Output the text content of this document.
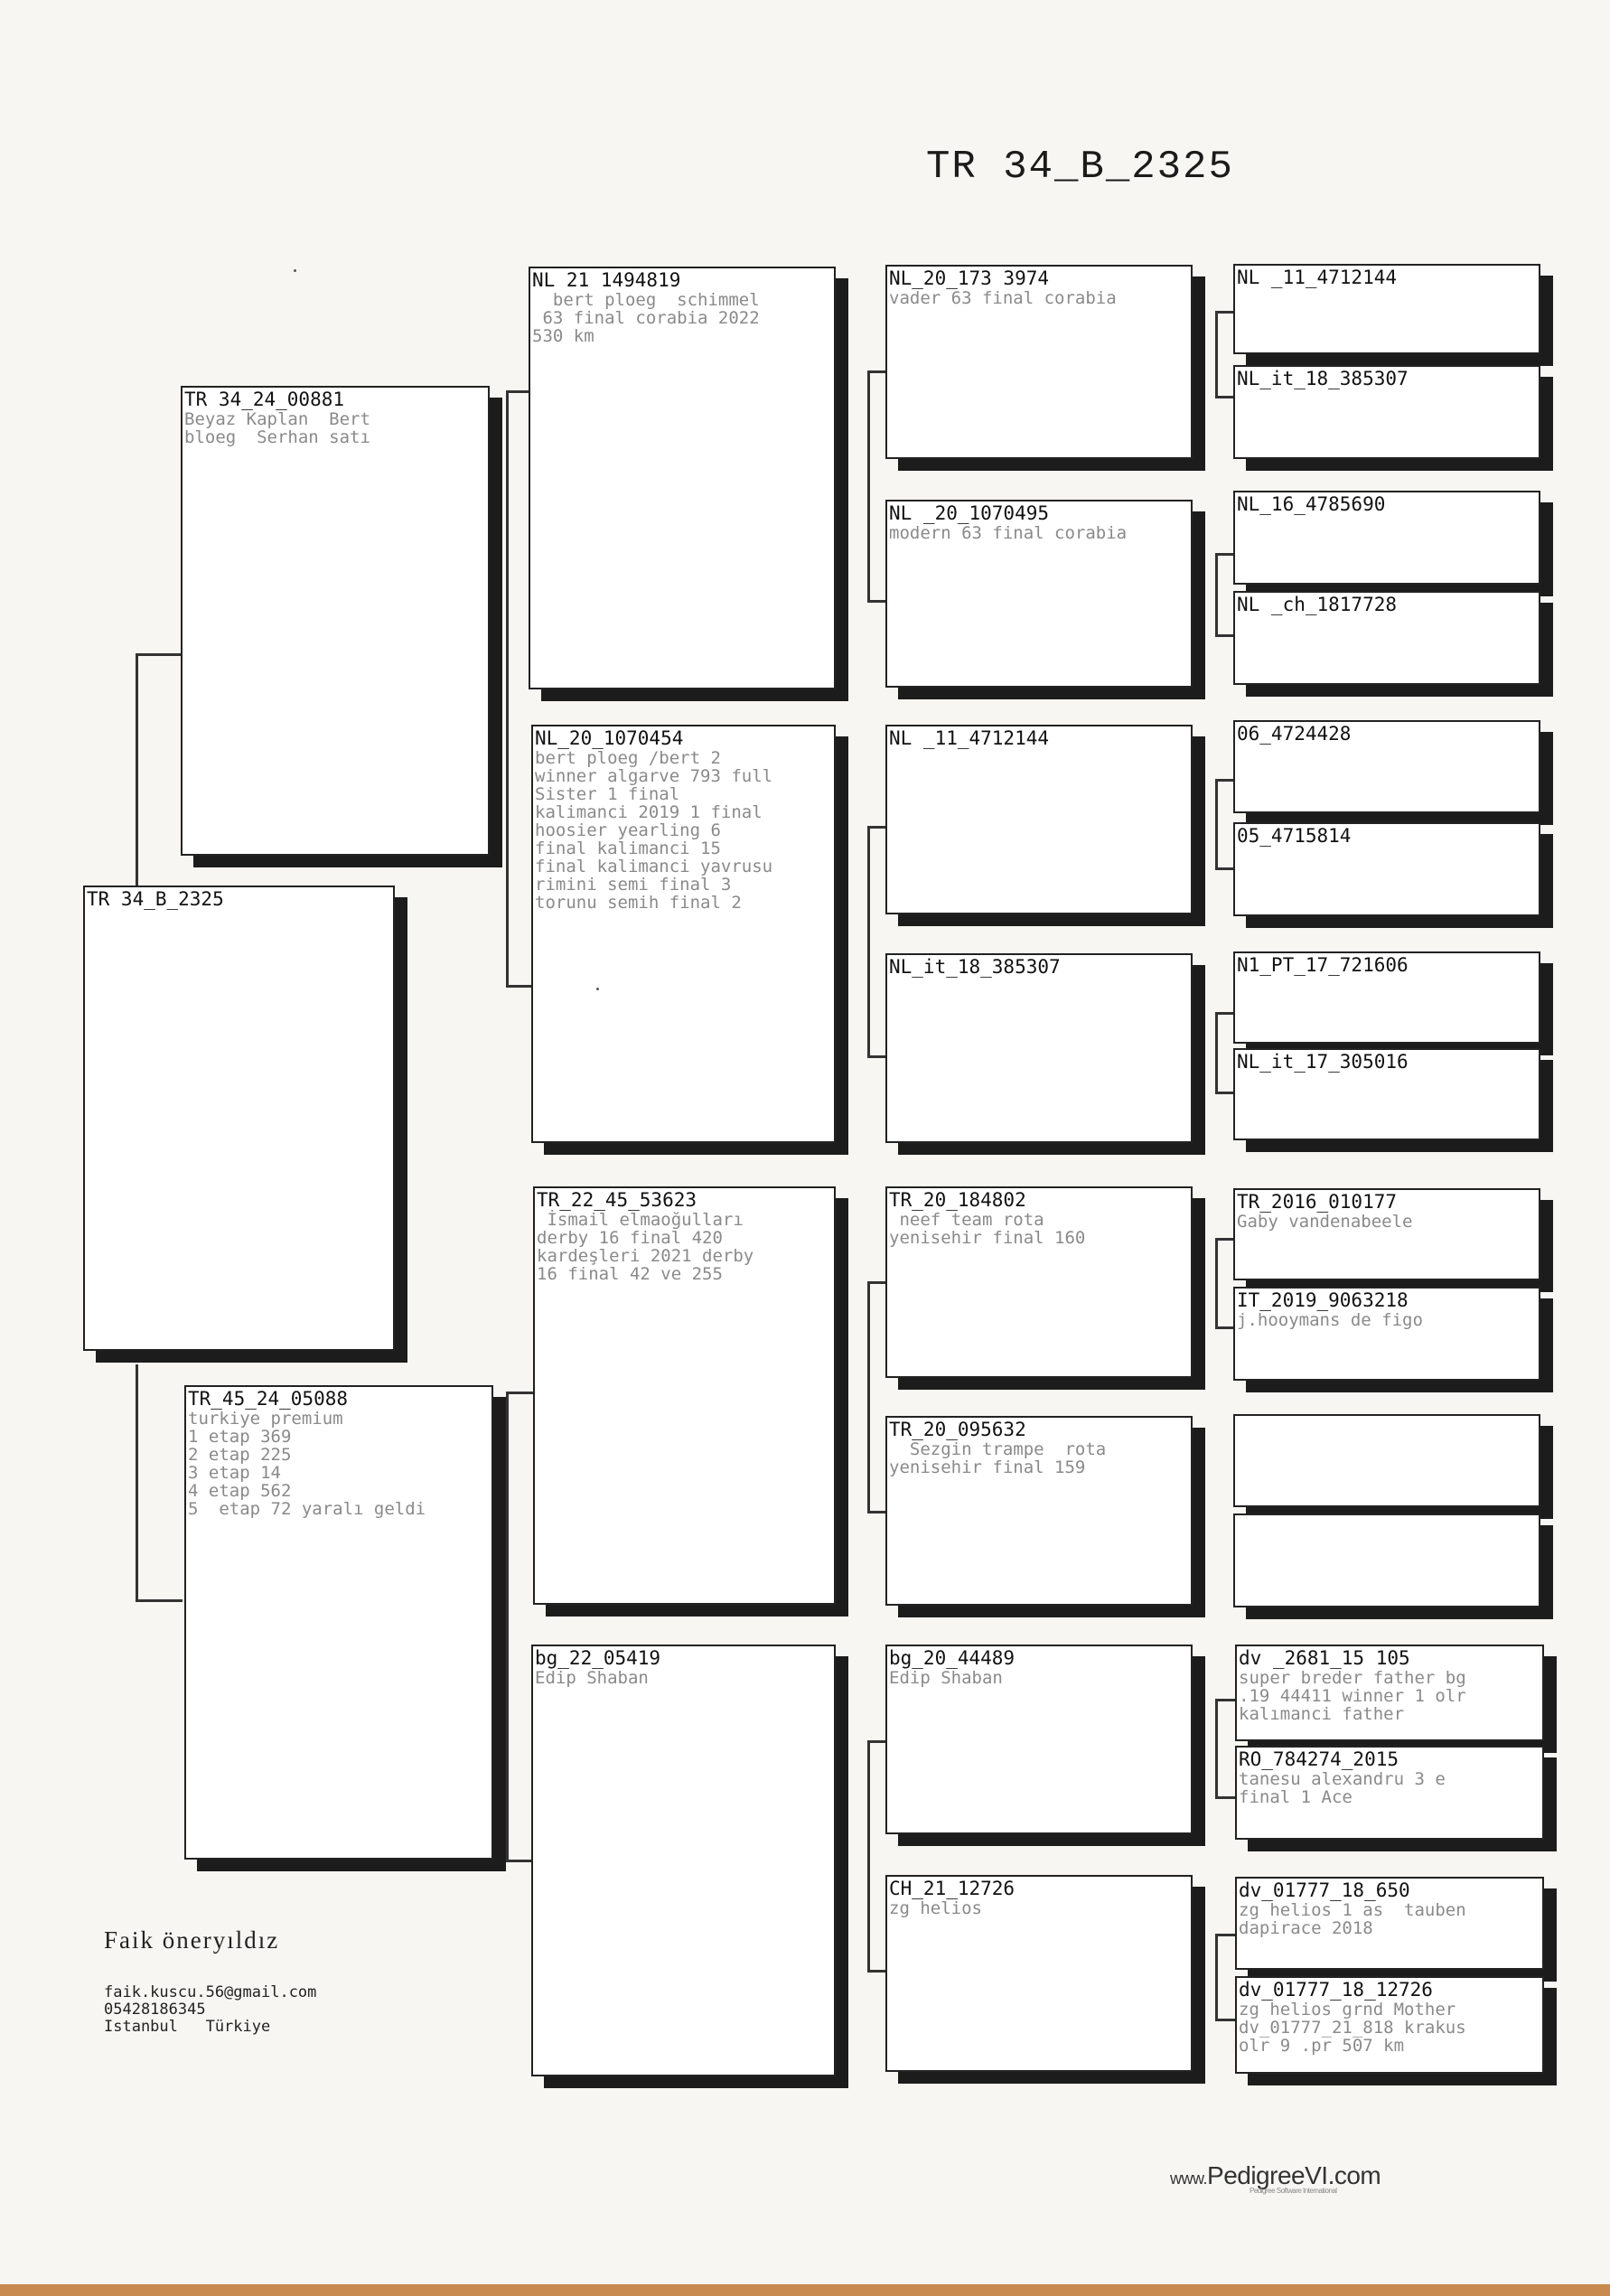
TR 34_B_2325
TR 34_B_2325
TR 34_24_00881
Beyaz Kaplan  Bert
bloeg  Serhan satı
TR_45_24_05088
turkiye premium
1 etap 369
2 etap 225
3 etap 14
4 etap 562
5  etap 72 yaralı geldi
NL 21 1494819
bert ploeg  schimmel
63 final corabia 2022
530 km
NL_20_1070454
bert ploeg /bert 2
winner algarve 793 full
Sister 1 final
kalimanci 2019 1 final
hoosier yearling 6
final kalimanci 15
final kalimanci yavrusu
rimini semi final 3
torunu semih final 2
TR_22_45_53623
İsmail elmaoğulları
derby 16 final 420
kardeşleri 2021 derby
16 final 42 ve 255
bg_22_05419
Edip Shaban
NL_20_173 3974
vader 63 final corabia
NL _20_1070495
modern 63 final corabia
NL _11_4712144
NL_it_18_385307
TR_20_184802
neef team rota
yenisehir final 160
TR_20_095632
Sezgin trampe  rota
yenisehir final 159
bg_20_44489
Edip Shaban
CH_21_12726
zg helios
NL _11_4712144
NL_it_18_385307
NL_16_4785690
NL _ch_1817728
06_4724428
05_4715814
N1_PT_17_721606
NL_it_17_305016
TR_2016_010177
Gaby vandenabeele
IT_2019_9063218
j.hooymans de figo
dv _2681_15 105
super breder father bg
.19 44411 winner 1 olr
kalımanci father
RO_784274_2015
tanesu alexandru 3 e
final 1 Ace
dv_01777_18_650
zg helios 1 as  tauben
dapirace 2018
dv_01777_18_12726
zg helios grnd Mother
dv_01777_21_818 krakus
olr 9 .pr 507 km
Faik öneryıldız
faik.kuscu.56@gmail.com
05428186345
Istanbul   Türkiye
www.PedigreeVI.com
Pedigree Software International
